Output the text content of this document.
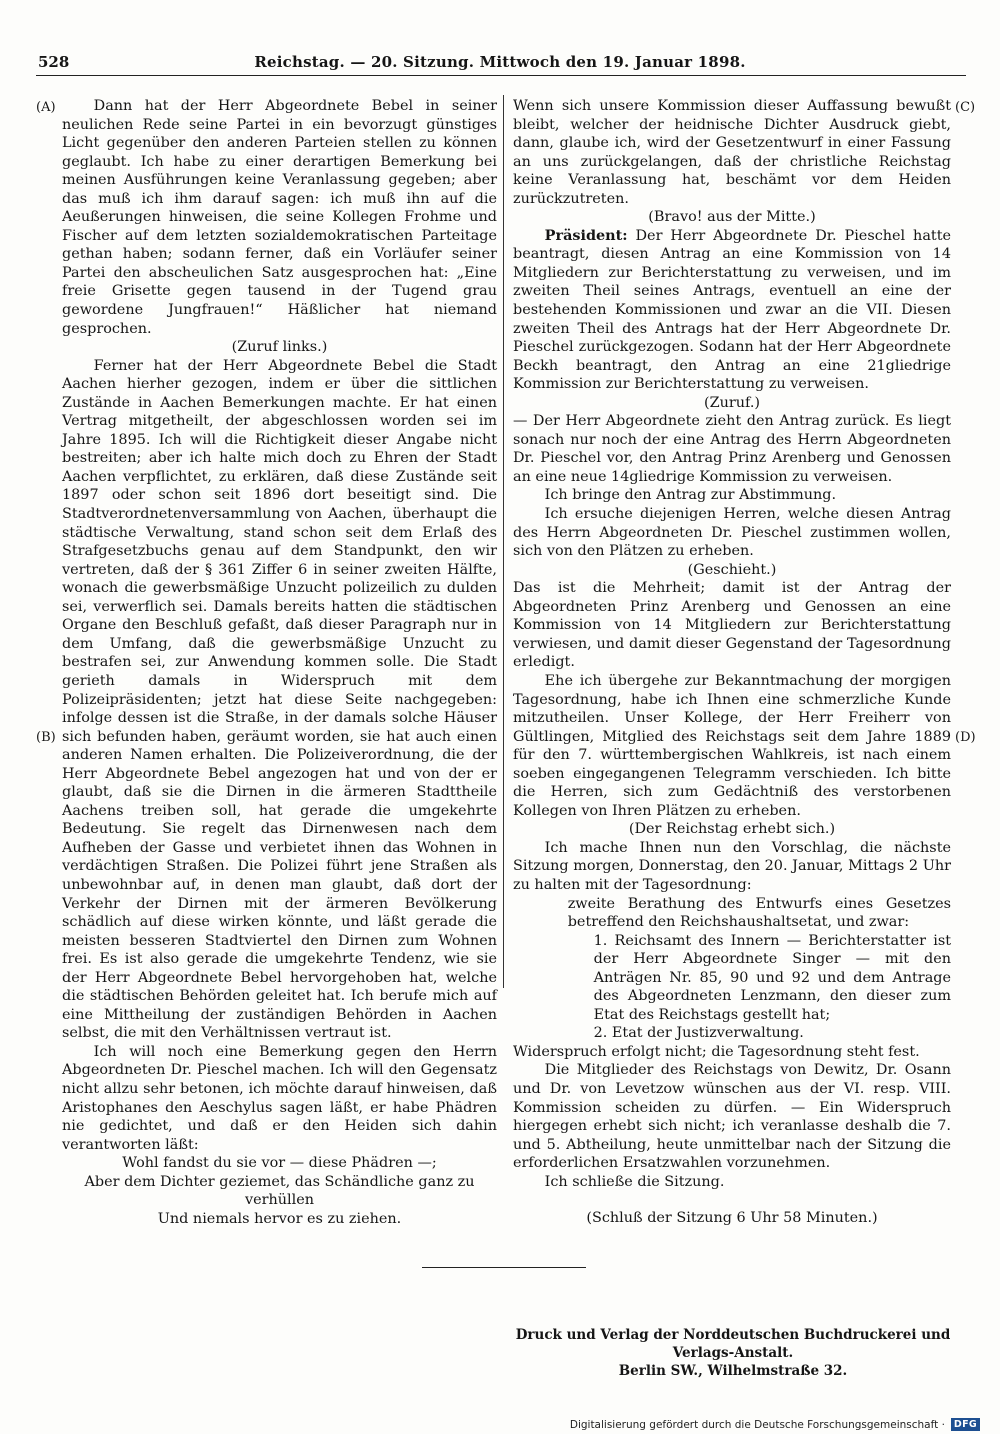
528	Reichstag. — 20. Sitzung. Mittwoch den 19. Januar 1898.
(A)
(B)
(C)
(D)

Dann hat der Herr Abgeordnete Bebel in seiner neulichen Rede seine Partei in ein bevorzugt günstiges Licht gegenüber den anderen Parteien stellen zu können geglaubt. Ich habe zu einer derartigen Bemerkung bei meinen Ausführungen keine Veranlassung gegeben; aber das muß ich ihm darauf sagen: ich muß ihn auf die Aeußerungen hinweisen, die seine Kollegen Frohme und Fischer auf dem letzten sozialdemokratischen Parteitage gethan haben; sodann ferner, daß ein Vorläufer seiner Partei den abscheulichen Satz ausgesprochen hat: „Eine freie Grisette gegen tausend in der Tugend grau gewordene Jungfrauen!“ Häßlicher hat niemand gesprochen.

(Zuruf links.)

Ferner hat der Herr Abgeordnete Bebel die Stadt Aachen hierher gezogen, indem er über die sittlichen Zustände in Aachen Bemerkungen machte. Er hat einen Vertrag mitgetheilt, der abgeschlossen worden sei im Jahre 1895. Ich will die Richtigkeit dieser Angabe nicht bestreiten; aber ich halte mich doch zu Ehren der Stadt Aachen verpflichtet, zu erklären, daß diese Zustände seit 1897 oder schon seit 1896 dort beseitigt sind. Die Stadtverordnetenversammlung von Aachen, überhaupt die städtische Verwaltung, stand schon seit dem Erlaß des Strafgesetzbuchs genau auf dem Standpunkt, den wir vertreten, daß der § 361 Ziffer 6 in seiner zweiten Hälfte, wonach die gewerbsmäßige Unzucht polizeilich zu dulden sei, verwerflich sei. Damals bereits hatten die städtischen Organe den Beschluß gefaßt, daß dieser Paragraph nur in dem Umfang, daß die gewerbsmäßige Unzucht zu bestrafen sei, zur Anwendung kommen solle. Die Stadt gerieth damals in Widerspruch mit dem Polizeipräsidenten; jetzt hat diese Seite nachgegeben: infolge dessen ist die Straße, in der damals solche Häuser sich befunden haben, geräumt worden, sie hat auch einen anderen Namen erhalten. Die Polizeiverordnung, die der Herr Abgeordnete Bebel angezogen hat und von der er glaubt, daß sie die Dirnen in die ärmeren Stadttheile Aachens treiben soll, hat gerade die umgekehrte Bedeutung. Sie regelt das Dirnenwesen nach dem Aufheben der Gasse und verbietet ihnen das Wohnen in verdächtigen Straßen. Die Polizei führt jene Straßen als unbewohnbar auf, in denen man glaubt, daß dort der Verkehr der Dirnen mit der ärmeren Bevölkerung schädlich auf diese wirken könnte, und läßt gerade die meisten besseren Stadtviertel den Dirnen zum Wohnen frei. Es ist also gerade die umgekehrte Tendenz, wie sie der Herr Abgeordnete Bebel hervorgehoben hat, welche die städtischen Behörden geleitet hat. Ich berufe mich auf eine Mittheilung der zuständigen Behörden in Aachen selbst, die mit den Verhältnissen vertraut ist.

Ich will noch eine Bemerkung gegen den Herrn Abgeordneten Dr. Pieschel machen. Ich will den Gegensatz nicht allzu sehr betonen, ich möchte darauf hinweisen, daß Aristophanes den Aeschylus sagen läßt, er habe Phädren nie gedichtet, und daß er den Heiden sich dahin verantworten läßt:

Wohl fandst du sie vor — diese Phädren —;

Aber dem Dichter geziemet, das Schändliche ganz zu verhüllen

Und niemals hervor es zu ziehen.

Wenn sich unsere Kommission dieser Auffassung bewußt bleibt, welcher der heidnische Dichter Ausdruck giebt, dann, glaube ich, wird der Gesetzentwurf in einer Fassung an uns zurückgelangen, daß der christliche Reichstag keine Veranlassung hat, beschämt vor dem Heiden zurückzutreten.

(Bravo! aus der Mitte.)

Präsident: Der Herr Abgeordnete Dr. Pieschel hatte beantragt, diesen Antrag an eine Kommission von 14 Mitgliedern zur Berichterstattung zu verweisen, und im zweiten Theil seines Antrags, eventuell an eine der bestehenden Kommissionen und zwar an die VII. Diesen zweiten Theil des Antrags hat der Herr Abgeordnete Dr. Pieschel zurückgezogen. Sodann hat der Herr Abgeordnete Beckh beantragt, den Antrag an eine 21gliedrige Kommission zur Berichterstattung zu verweisen.

(Zuruf.)

— Der Herr Abgeordnete zieht den Antrag zurück. Es liegt sonach nur noch der eine Antrag des Herrn Abgeordneten Dr. Pieschel vor, den Antrag Prinz Arenberg und Genossen an eine neue 14gliedrige Kommission zu verweisen.

Ich bringe den Antrag zur Abstimmung.

Ich ersuche diejenigen Herren, welche diesen Antrag des Herrn Abgeordneten Dr. Pieschel zustimmen wollen, sich von den Plätzen zu erheben.

(Geschieht.)

Das ist die Mehrheit; damit ist der Antrag der Abgeordneten Prinz Arenberg und Genossen an eine Kommission von 14 Mitgliedern zur Berichterstattung verwiesen, und damit dieser Gegenstand der Tagesordnung erledigt.

Ehe ich übergehe zur Bekanntmachung der morgigen Tagesordnung, habe ich Ihnen eine schmerzliche Kunde mitzutheilen. Unser Kollege, der Herr Freiherr von Gültlingen, Mitglied des Reichstags seit dem Jahre 1889 für den 7. württembergischen Wahlkreis, ist nach einem soeben eingegangenen Telegramm verschieden. Ich bitte die Herren, sich zum Gedächtniß des verstorbenen Kollegen von Ihren Plätzen zu erheben.

(Der Reichstag erhebt sich.)

Ich mache Ihnen nun den Vorschlag, die nächste Sitzung morgen, Donnerstag, den 20. Januar, Mittags 2 Uhr zu halten mit der Tagesordnung:

zweite Berathung des Entwurfs eines Gesetzes betreffend den Reichshaushaltsetat, und zwar:

1. Reichsamt des Innern — Berichterstatter ist der Herr Abgeordnete Singer — mit den Anträgen Nr. 85, 90 und 92 und dem Antrage des Abgeordneten Lenzmann, den dieser zum Etat des Reichstags gestellt hat;

2. Etat der Justizverwaltung.

Widerspruch erfolgt nicht; die Tagesordnung steht fest.

Die Mitglieder des Reichstags von Dewitz, Dr. Osann und Dr. von Levetzow wünschen aus der VI. resp. VIII. Kommission scheiden zu dürfen. — Ein Widerspruch hiergegen erhebt sich nicht; ich veranlasse deshalb die 7. und 5. Abtheilung, heute unmittelbar nach der Sitzung die erforderlichen Ersatzwahlen vorzunehmen.

Ich schließe die Sitzung.

(Schluß der Sitzung 6 Uhr 58 Minuten.)

Druck und Verlag der Norddeutschen Buchdruckerei und Verlags-Anstalt.
Berlin SW., Wilhelmstraße 32.
Digitalisierung gefördert durch die Deutsche Forschungsgemeinschaft · DFG
